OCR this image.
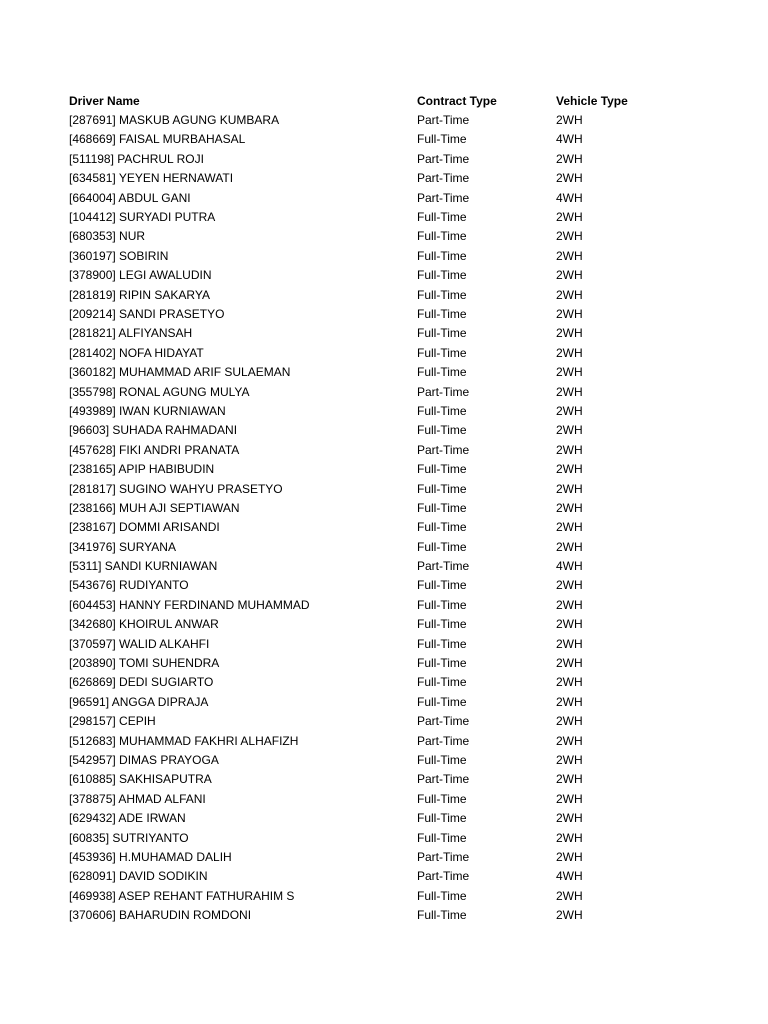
Driver Name	Contract Type	Vehicle Type
[287691] MASKUB AGUNG KUMBARA	Part-Time	2WH
[468669] FAISAL MURBAHASAL	Full-Time	4WH
[511198] PACHRUL ROJI	Part-Time	2WH
[634581] YEYEN HERNAWATI	Part-Time	2WH
[664004] ABDUL GANI	Part-Time	4WH
[104412] SURYADI PUTRA	Full-Time	2WH
[680353] NUR	Full-Time	2WH
[360197] SOBIRIN	Full-Time	2WH
[378900] LEGI AWALUDIN	Full-Time	2WH
[281819] RIPIN SAKARYA	Full-Time	2WH
[209214] SANDI PRASETYO	Full-Time	2WH
[281821] ALFIYANSAH	Full-Time	2WH
[281402] NOFA HIDAYAT	Full-Time	2WH
[360182] MUHAMMAD ARIF SULAEMAN	Full-Time	2WH
[355798] RONAL AGUNG MULYA	Part-Time	2WH
[493989] IWAN KURNIAWAN	Full-Time	2WH
[96603] SUHADA RAHMADANI	Full-Time	2WH
[457628] FIKI ANDRI PRANATA	Part-Time	2WH
[238165] APIP HABIBUDIN	Full-Time	2WH
[281817] SUGINO WAHYU PRASETYO	Full-Time	2WH
[238166] MUH AJI SEPTIAWAN	Full-Time	2WH
[238167] DOMMI ARISANDI	Full-Time	2WH
[341976] SURYANA	Full-Time	2WH
[5311] SANDI KURNIAWAN	Part-Time	4WH
[543676] RUDIYANTO	Full-Time	2WH
[604453] HANNY FERDINAND MUHAMMAD	Full-Time	2WH
[342680] KHOIRUL ANWAR	Full-Time	2WH
[370597] WALID ALKAHFI	Full-Time	2WH
[203890] TOMI SUHENDRA	Full-Time	2WH
[626869] DEDI SUGIARTO	Full-Time	2WH
[96591] ANGGA DIPRAJA	Full-Time	2WH
[298157] CEPIH	Part-Time	2WH
[512683] MUHAMMAD FAKHRI ALHAFIZH	Part-Time	2WH
[542957] DIMAS PRAYOGA	Full-Time	2WH
[610885] SAKHISAPUTRA	Part-Time	2WH
[378875] AHMAD ALFANI	Full-Time	2WH
[629432] ADE IRWAN	Full-Time	2WH
[60835] SUTRIYANTO	Full-Time	2WH
[453936] H.MUHAMAD DALIH	Part-Time	2WH
[628091] DAVID SODIKIN	Part-Time	4WH
[469938] ASEP REHANT FATHURAHIM S	Full-Time	2WH
[370606] BAHARUDIN ROMDONI	Full-Time	2WH
